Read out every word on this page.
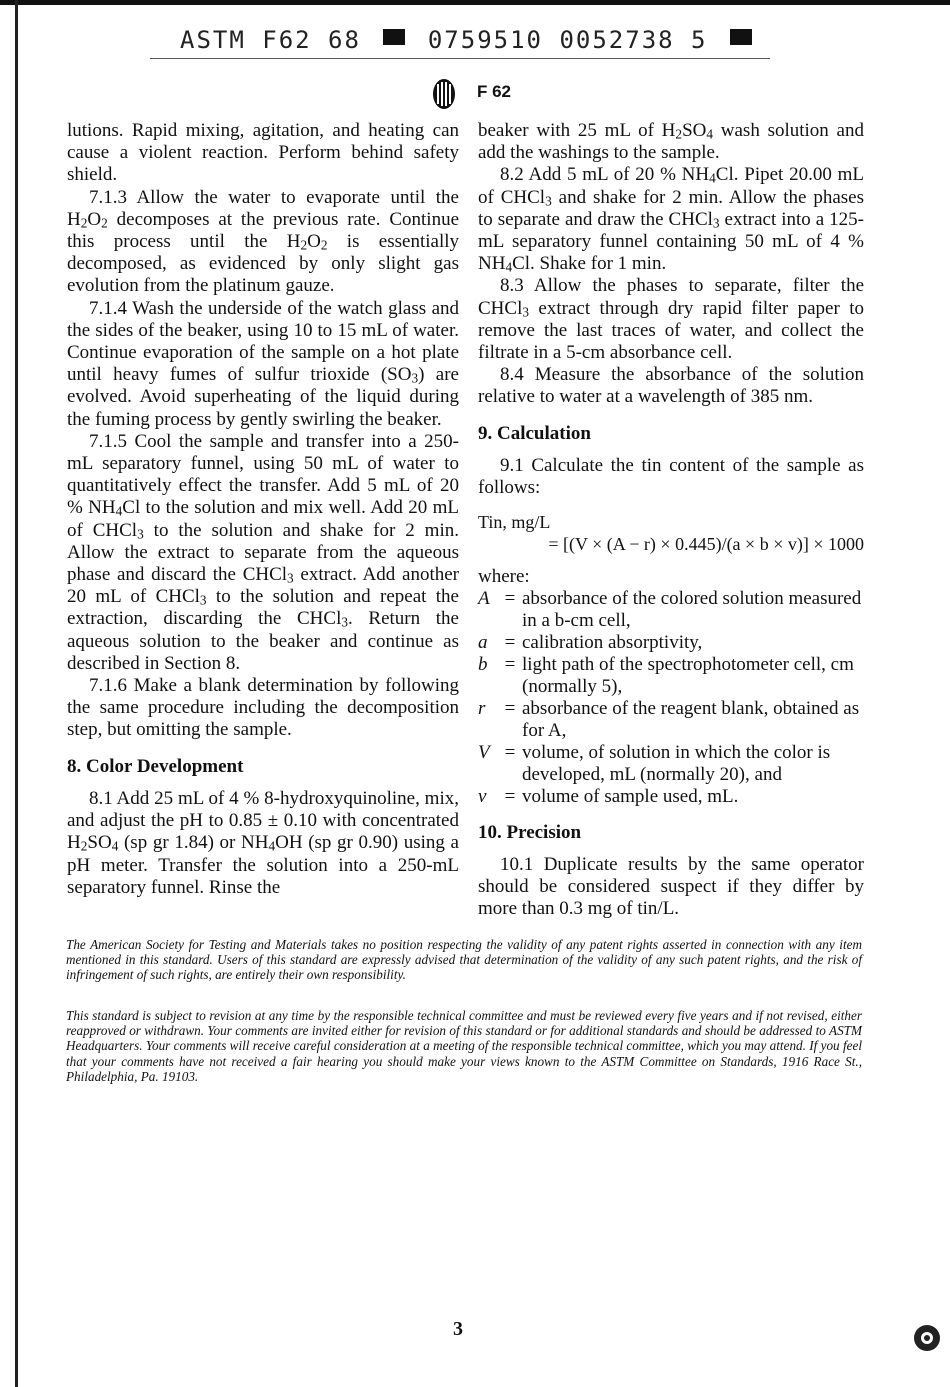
ASTM F62 68	0759510 0052738 5
F 62

lutions. Rapid mixing, agitation, and heating can cause a violent reaction. Perform behind safety shield.

7.1.3 Allow the water to evaporate until the $H_2O_2$ decomposes at the previous rate. Continue this process until the $H_2O_2$ is essentially decomposed, as evidenced by only slight gas evolution from the platinum gauze.

7.1.4 Wash the underside of the watch glass and the sides of the beaker, using 10 to 15 mL of water. Continue evaporation of the sample on a hot plate until heavy fumes of sulfur trioxide $(SO_3)$ are evolved. Avoid superheating of the liquid during the fuming process by gently swirling the beaker.

7.1.5 Cool the sample and transfer into a 250-mL separatory funnel, using 50 mL of water to quantitatively effect the transfer. Add 5 mL of 20 % $NH_4Cl$ to the solution and mix well. Add 20 mL of CHCl$_3$ to the solution and shake for 2 min. Allow the extract to separate from the aqueous phase and discard the CHCl$_3$ extract. Add another 20 mL of CHCl$_3$ to the solution and repeat the extraction, discarding the CHCl$_3$. Return the aqueous solution to the beaker and continue as described in Section 8.

7.1.6 Make a blank determination by following the same procedure including the decomposition step, but omitting the sample.

8. Color Development

8.1 Add 25 mL of 4 % 8-hydroxyquinoline, mix, and adjust the pH to 0.85 ± 0.10 with concentrated $H_2SO_4$ (sp gr 1.84) or $NH_4OH$ (sp gr 0.90) using a pH meter. Transfer the solution into a 250-mL separatory funnel. Rinse the

beaker with 25 mL of $H_2SO_4$ wash solution and add the washings to the sample.

8.2 Add 5 mL of 20 % $NH_4Cl$. Pipet 20.00 mL of CHCl$_3$ and shake for 2 min. Allow the phases to separate and draw the CHCl$_3$ extract into a 125-mL separatory funnel containing 50 mL of 4 % $NH_4Cl$. Shake for 1 min.

8.3 Allow the phases to separate, filter the CHCl$_3$ extract through dry rapid filter paper to remove the last traces of water, and collect the filtrate in a 5-cm absorbance cell.

8.4 Measure the absorbance of the solution relative to water at a wavelength of 385 nm.

9. Calculation

9.1 Calculate the tin content of the sample as follows:

Tin, mg/L
= [(V × (A − r) × 0.445)/(a × b × v)] × 1000

where:

A	=	absorbance of the colored solution measured in a b-cm cell,
a	=	calibration absorptivity,
b	=	light path of the spectrophotometer cell, cm (normally 5),
r	=	absorbance of the reagent blank, obtained as for A,
V	=	volume, of solution in which the color is developed, mL (normally 20), and
v	=	volume of sample used, mL.
10. Precision

10.1 Duplicate results by the same operator should be considered suspect if they differ by more than 0.3 mg of tin/L.

The American Society for Testing and Materials takes no position respecting the validity of any patent rights asserted in connection with any item mentioned in this standard. Users of this standard are expressly advised that determination of the validity of any such patent rights, and the risk of infringement of such rights, are entirely their own responsibility.
This standard is subject to revision at any time by the responsible technical committee and must be reviewed every five years and if not revised, either reapproved or withdrawn. Your comments are invited either for revision of this standard or for additional standards and should be addressed to ASTM Headquarters. Your comments will receive careful consideration at a meeting of the responsible technical committee, which you may attend. If you feel that your comments have not received a fair hearing you should make your views known to the ASTM Committee on Standards, 1916 Race St., Philadelphia, Pa. 19103.
3
